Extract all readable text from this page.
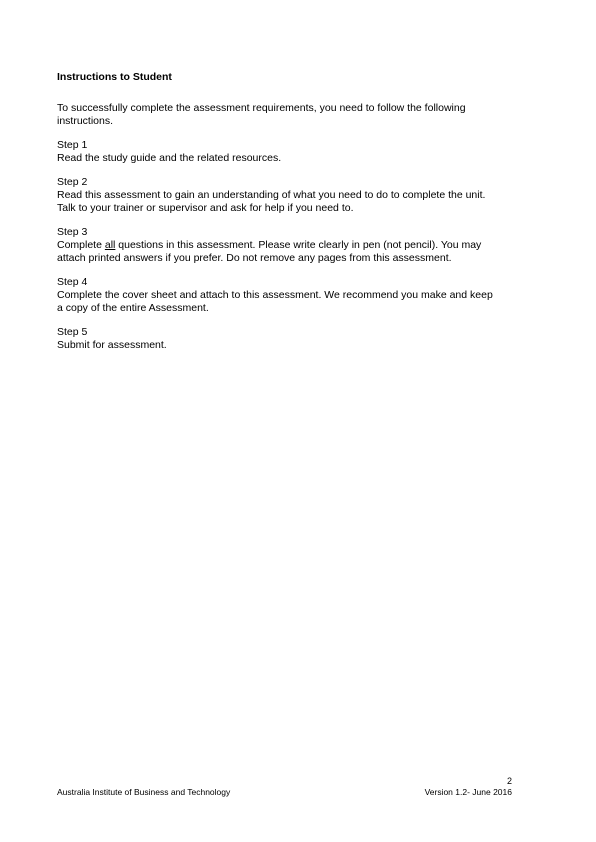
Instructions to Student
To successfully complete the assessment requirements, you need to follow the following
instructions.
Step 1
Read the study guide and the related resources.
Step 2
Read this assessment to gain an understanding of what you need to do to complete the unit.
Talk to your trainer or supervisor and ask for help if you need to.
Step 3
Complete all questions in this assessment. Please write clearly in pen (not pencil). You may
attach printed answers if you prefer. Do not remove any pages from this assessment.
Step 4
Complete the cover sheet and attach to this assessment. We recommend you make and keep
a copy of the entire Assessment.
Step 5
Submit for assessment.
2
Australia Institute of Business and Technology	Version 1.2- June 2016
